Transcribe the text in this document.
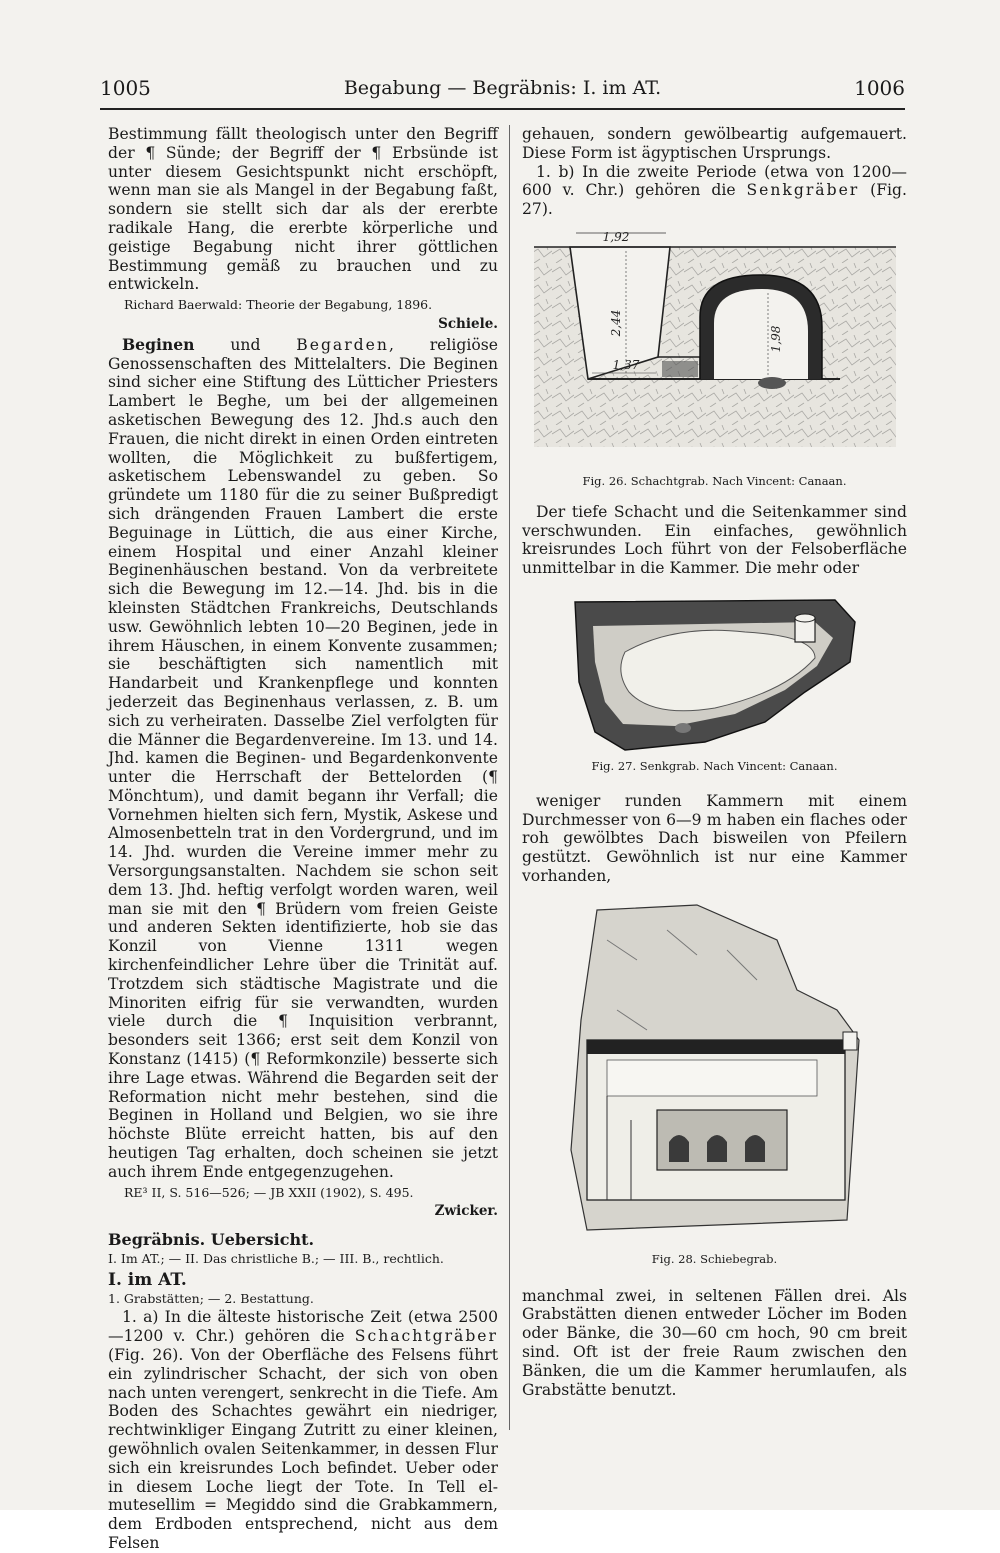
1005	Begabung — Begräbnis: I. im AT.	1006

Bestimmung fällt theologisch unter den Begriff der ¶ Sünde; der Begriff der ¶ Erbsünde ist unter diesem Gesichtspunkt nicht erschöpft, wenn man sie als Mangel in der Begabung faßt, sondern sie stellt sich dar als der ererbte radikale Hang, die ererbte körperliche und geistige Begabung nicht ihrer göttlichen Bestimmung gemäß zu brauchen und zu entwickeln.

Richard Baerwald: Theorie der Begabung, 1896.

Schiele.

Beginen und Begarden, religiöse Genossenschaften des Mittelalters. Die Beginen sind sicher eine Stiftung des Lütticher Priesters Lambert le Beghe, um bei der allgemeinen asketischen Bewegung des 12. Jhd.s auch den Frauen, die nicht direkt in einen Orden eintreten wollten, die Möglichkeit zu bußfertigem, asketischem Lebenswandel zu geben. So gründete um 1180 für die zu seiner Bußpredigt sich drängenden Frauen Lambert die erste Beguinage in Lüttich, die aus einer Kirche, einem Hospital und einer Anzahl kleiner Beginenhäuschen bestand. Von da verbreitete sich die Bewegung im 12.—14. Jhd. bis in die kleinsten Städtchen Frankreichs, Deutschlands usw. Gewöhnlich lebten 10—20 Beginen, jede in ihrem Häuschen, in einem Konvente zusammen; sie beschäftigten sich namentlich mit Handarbeit und Krankenpflege und konnten jederzeit das Beginenhaus verlassen, z. B. um sich zu verheiraten. Dasselbe Ziel verfolgten für die Männer die Begardenvereine. Im 13. und 14. Jhd. kamen die Beginen- und Begardenkonvente unter die Herrschaft der Bettelorden (¶ Mönchtum), und damit begann ihr Verfall; die Vornehmen hielten sich fern, Mystik, Askese und Almosenbetteln trat in den Vordergrund, und im 14. Jhd. wurden die Vereine immer mehr zu Versorgungsanstalten. Nachdem sie schon seit dem 13. Jhd. heftig verfolgt worden waren, weil man sie mit den ¶ Brüdern vom freien Geiste und anderen Sekten identifizierte, hob sie das Konzil von Vienne 1311 wegen kirchenfeindlicher Lehre über die Trinität auf. Trotzdem sich städtische Magistrate und die Minoriten eifrig für sie verwandten, wurden viele durch die ¶ Inquisition verbrannt, besonders seit 1366; erst seit dem Konzil von Konstanz (1415) (¶ Reformkonzile) besserte sich ihre Lage etwas. Während die Begarden seit der Reformation nicht mehr bestehen, sind die Beginen in Holland und Belgien, wo sie ihre höchste Blüte erreicht hatten, bis auf den heutigen Tag erhalten, doch scheinen sie jetzt auch ihrem Ende entgegenzugehen.

RE³ II, S. 516—526; — JB XXII (1902), S. 495.

Zwicker.

Begräbnis. Uebersicht.

I. Im AT.; — II. Das christliche B.; — III. B., rechtlich.

I. im AT.

1. Grabstätten; — 2. Bestattung.

1. a) In die älteste historische Zeit (etwa 2500 —1200 v. Chr.) gehören die Schachtgräber (Fig. 26). Von der Oberfläche des Felsens führt ein zylindrischer Schacht, der sich von oben nach unten verengert, senkrecht in die Tiefe. Am Boden des Schachtes gewährt ein niedriger, rechtwinkliger Eingang Zutritt zu einer kleinen, gewöhnlich ovalen Seitenkammer, in dessen Flur sich ein kreisrundes Loch befindet. Ueber oder in diesem Loche liegt der Tote. In Tell el-mutesellim = Megiddo sind die Grabkammern, dem Erdboden entsprechend, nicht aus dem Felsen

gehauen, sondern gewölbeartig aufgemauert. Diese Form ist ägyptischen Ursprungs.

1. b) In die zweite Periode (etwa von 1200—600 v. Chr.) gehören die Senkgräber (Fig. 27).

1,92
2,44
1,37
1,98

Fig. 26. Schachtgrab. Nach Vincent: Canaan.

Der tiefe Schacht und die Seitenkammer sind verschwunden. Ein einfaches, gewöhnlich kreisrundes Loch führt von der Felsoberfläche unmittelbar in die Kammer. Die mehr oder

Fig. 27. Senkgrab. Nach Vincent: Canaan.

weniger runden Kammern mit einem Durchmesser von 6—9 m haben ein flaches oder roh gewölbtes Dach bisweilen von Pfeilern gestützt. Gewöhnlich ist nur eine Kammer vorhanden,

Fig. 28. Schiebegrab.

manchmal zwei, in seltenen Fällen drei. Als Grabstätten dienen entweder Löcher im Boden oder Bänke, die 30—60 cm hoch, 90 cm breit sind. Oft ist der freie Raum zwischen den Bänken, die um die Kammer herumlaufen, als Grabstätte benutzt.
